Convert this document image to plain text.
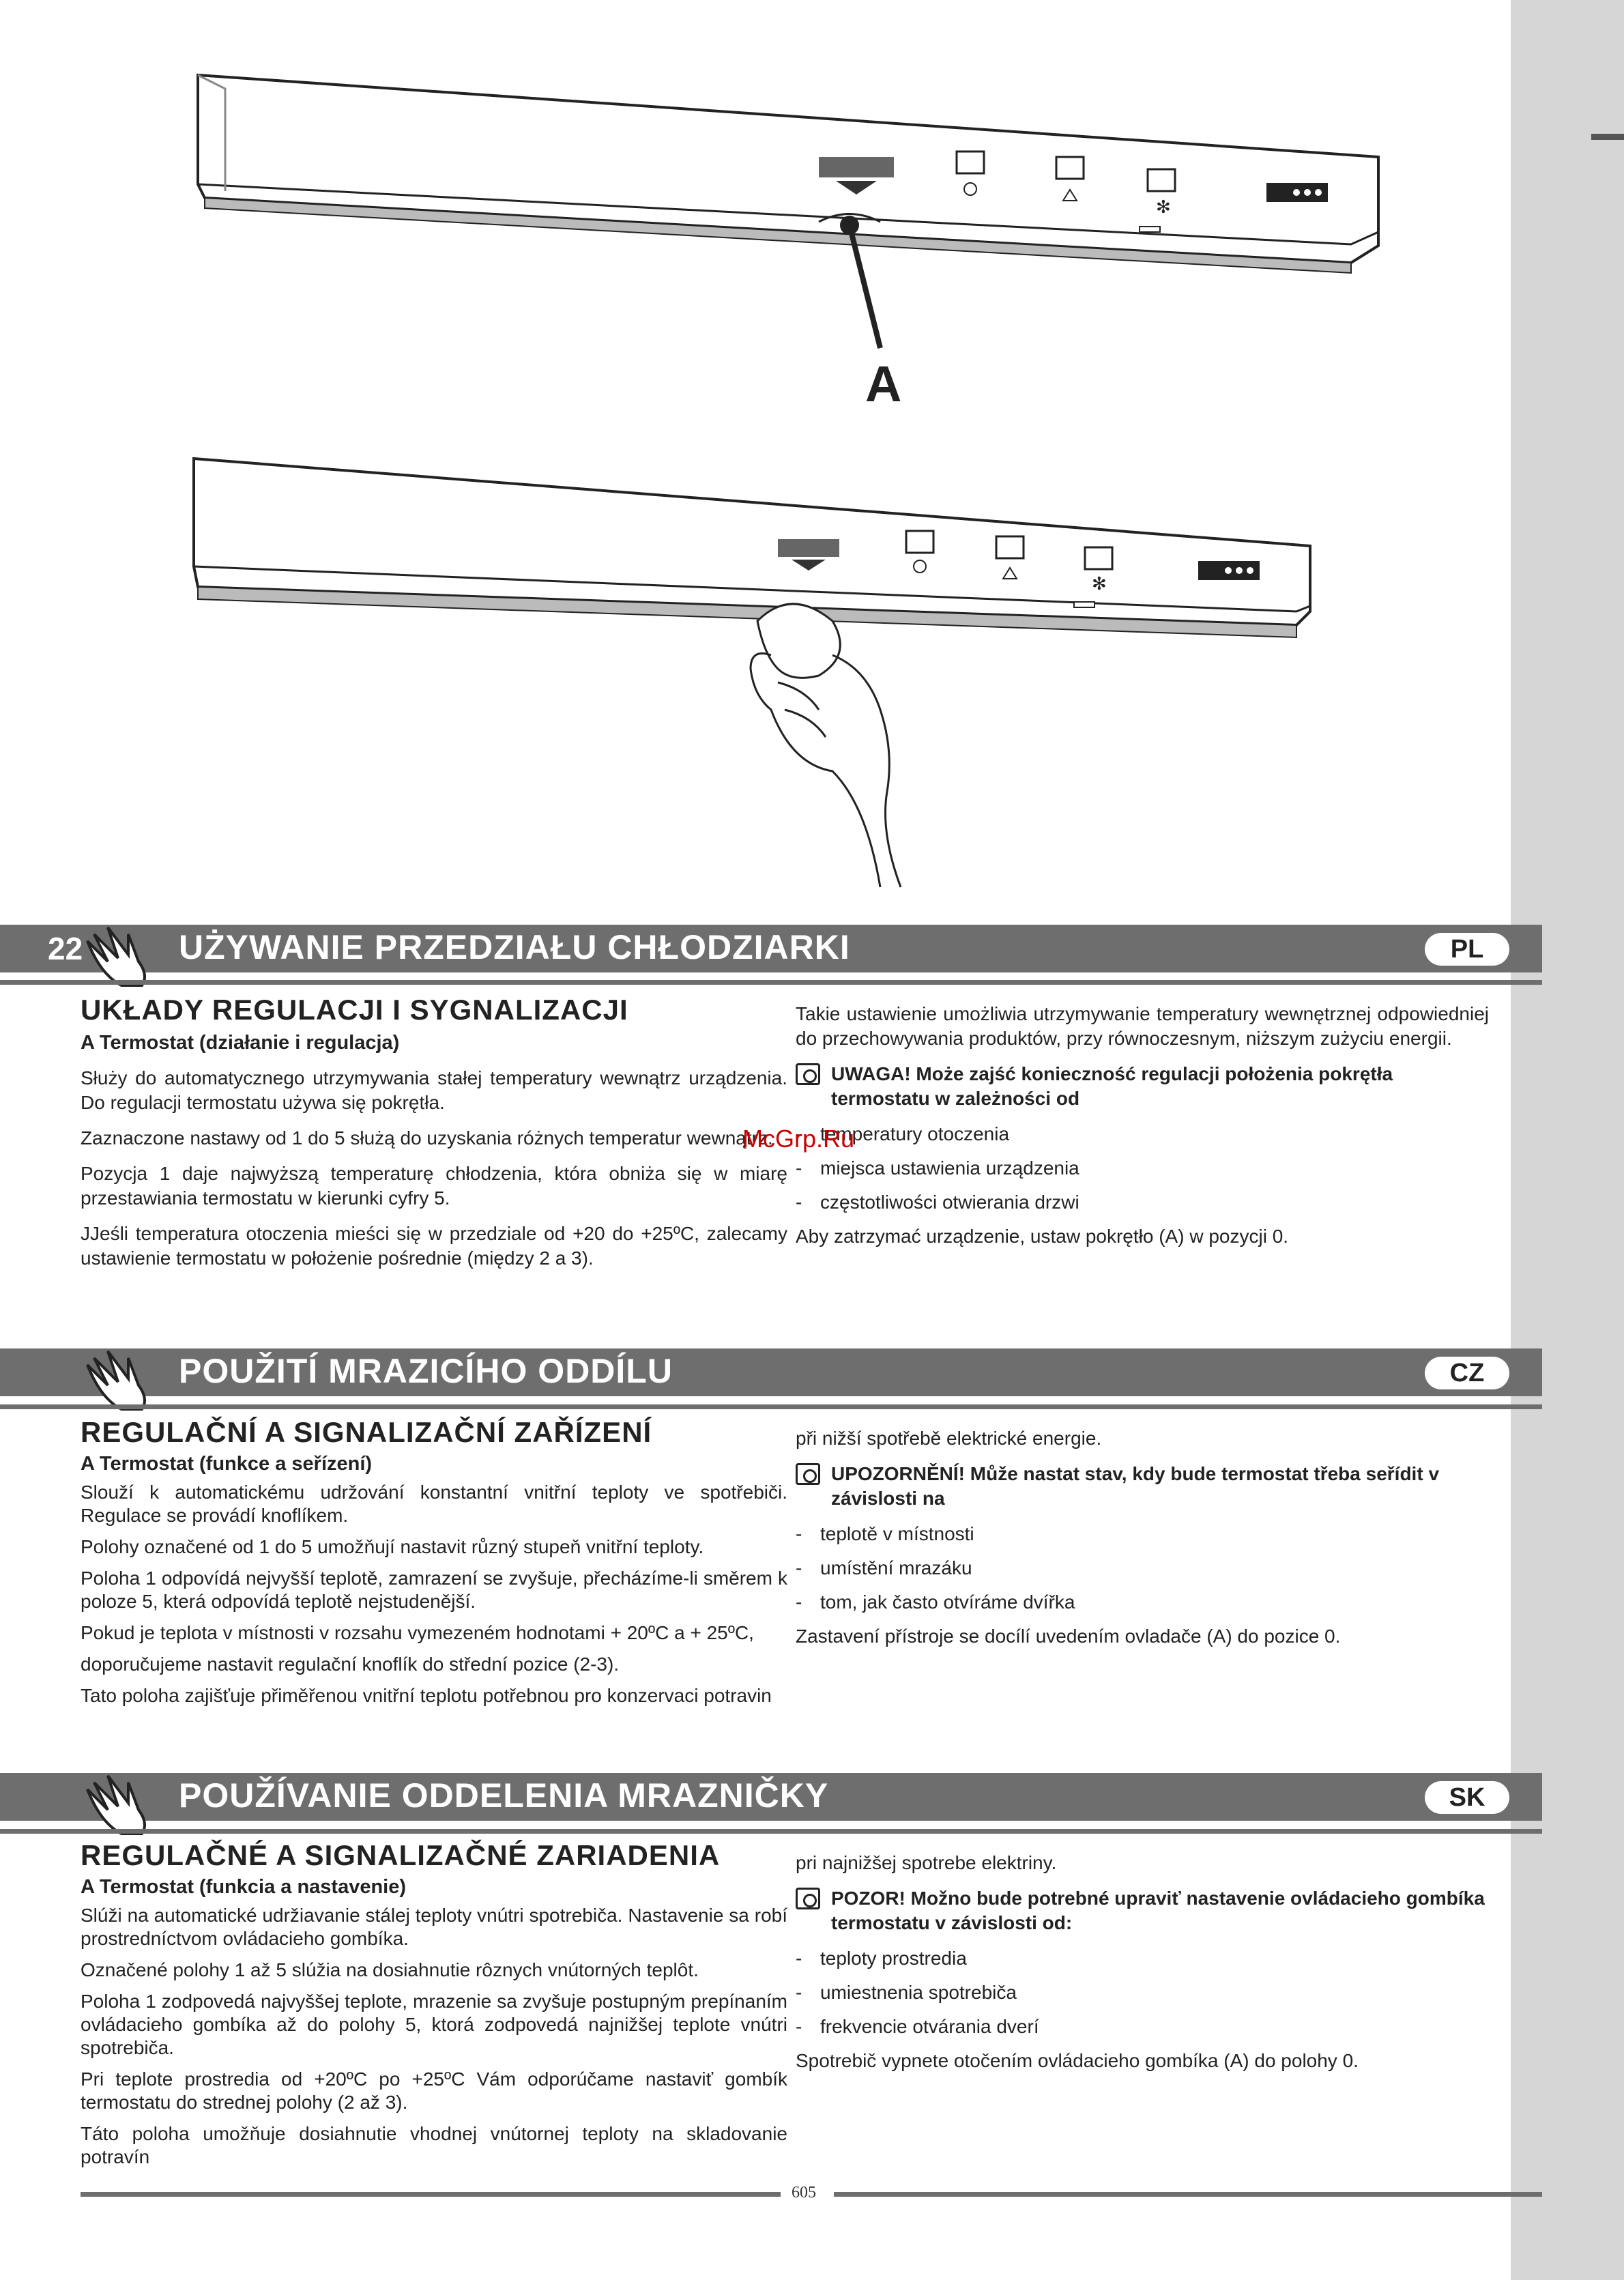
✻
A
✻
22	UŻYWANIE PRZEDZIAŁU CHŁODZIARKI	PL
UKŁADY REGULACJI I SYGNALIZACJI
A Termostat (działanie i regulacja)

Służy do automatycznego utrzymywania stałej temperatury wewnątrz urządzenia. Do regulacji termostatu używa się pokrętła.

Zaznaczone nastawy od 1 do 5 służą do uzyskania różnych temperatur wewnątrz.

Pozycja 1 daje najwyższą temperaturę chłodzenia, która obniża się w miarę przestawiania termostatu w kierunki cyfry 5.

JJeśli temperatura otoczenia mieści się w przedziale od +20 do +25ºC, zalecamy ustawienie termostatu w położenie pośrednie (między 2 a 3).

Takie ustawienie umożliwia utrzymywanie temperatury wewnętrznej odpowiedniej do przechowywania produktów, przy równoczesnym, niższym zużyciu energii.

UWAGA! Może zajść konieczność regulacji położenia pokrętła termostatu w zależności od
- temperatury otoczenia
- miejsca ustawienia urządzenia
- częstotliwości otwierania drzwi

Aby zatrzymać urządzenie, ustaw pokrętło (A) w pozycji 0.

McGrp.Ru
POUŽITÍ MRAZICÍHO ODDÍLU	CZ
REGULAČNÍ A SIGNALIZAČNÍ ZAŘÍZENÍ
A Termostat (funkce a seřízení)

Slouží k automatickému udržování konstantní vnitřní teploty ve spotřebiči. Regulace se provádí knoflíkem.

Polohy označené od 1 do 5 umožňují nastavit různý stupeň vnitřní teploty.

Poloha 1 odpovídá nejvyšší teplotě, zamrazení se zvyšuje, přecházíme-li směrem k poloze 5, která odpovídá teplotě nejstudenější.

Pokud je teplota v místnosti v rozsahu vymezeném hodnotami + 20ºC a + 25ºC,

doporučujeme nastavit regulační knoflík do střední pozice (2-3).

Tato poloha zajišťuje přiměřenou vnitřní teplotu potřebnou pro konzervaci potravin

při nižší spotřebě elektrické energie.

UPOZORNĚNÍ! Může nastat stav, kdy bude termostat třeba seřídit v závislosti na
- teplotě v místnosti
- umístění mrazáku
- tom, jak často otvíráme dvířka

Zastavení přístroje se docílí uvedením ovladače (A) do pozice 0.

POUŽÍVANIE ODDELENIA MRAZNIČKY	SK
REGULAČNÉ A SIGNALIZAČNÉ ZARIADENIA
A Termostat (funkcia a nastavenie)

Slúži na automatické udržiavanie stálej teploty vnútri spotrebiča. Nastavenie sa robí prostredníctvom ovládacieho gombíka.

Označené polohy 1 až 5 slúžia na dosiahnutie rôznych vnútorných teplôt.

Poloha 1 zodpovedá najvyššej teplote, mrazenie sa zvyšuje postupným prepínaním ovládacieho gombíka až do polohy 5, ktorá zodpovedá najnižšej teplote vnútri spotrebiča.

Pri teplote prostredia od +20ºC po +25ºC Vám odporúčame nastaviť gombík termostatu do strednej polohy (2 až 3).

Táto poloha umožňuje dosiahnutie vhodnej vnútornej teploty na skladovanie potravín

pri najnižšej spotrebe elektriny.

POZOR! Možno bude potrebné upraviť nastavenie ovládacieho gombíka termostatu v závislosti od:
- teploty prostredia
- umiestnenia spotrebiča
- frekvencie otvárania dverí

Spotrebič vypnete otočením ovládacieho gombíka (A) do polohy 0.

605
